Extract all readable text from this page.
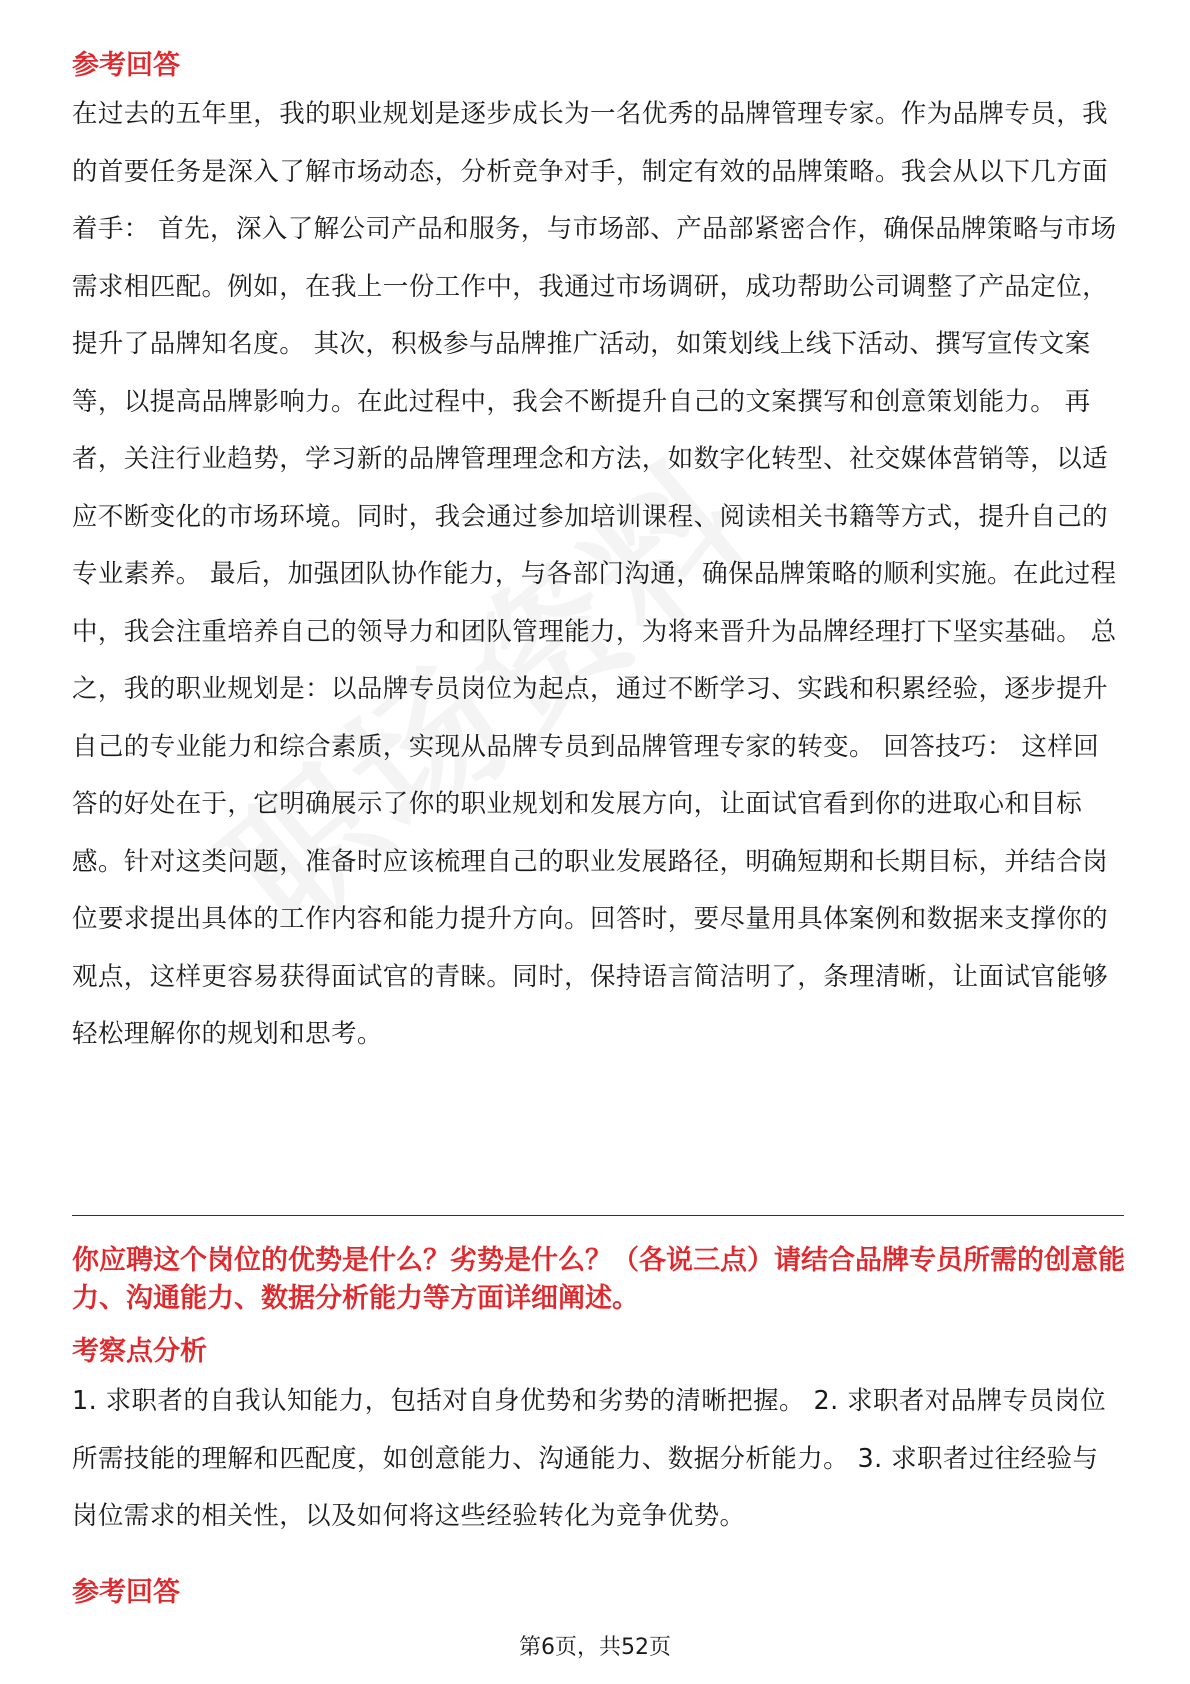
参考回答

在过去的五年里，我的职业规划是逐步成长为一名优秀的品牌管理专家。作为品牌专员，我的首要任务是深入了解市场动态，分析竞争对手，制定有效的品牌策略。我会从以下几方面着手： 首先，深入了解公司产品和服务，与市场部、产品部紧密合作，确保品牌策略与市场需求相匹配。例如，在我上一份工作中，我通过市场调研，成功帮助公司调整了产品定位，提升了品牌知名度。 其次，积极参与品牌推广活动，如策划线上线下活动、撰写宣传文案等，以提高品牌影响力。在此过程中，我会不断提升自己的文案撰写和创意策划能力。 再者，关注行业趋势，学习新的品牌管理理念和方法，如数字化转型、社交媒体营销等，以适应不断变化的市场环境。同时，我会通过参加培训课程、阅读相关书籍等方式，提升自己的专业素养。 最后，加强团队协作能力，与各部门沟通，确保品牌策略的顺利实施。在此过程中，我会注重培养自己的领导力和团队管理能力，为将来晋升为品牌经理打下坚实基础。 总之，我的职业规划是：以品牌专员岗位为起点，通过不断学习、实践和积累经验，逐步提升自己的专业能力和综合素质，实现从品牌专员到品牌管理专家的转变。 回答技巧： 这样回答的好处在于，它明确展示了你的职业规划和发展方向，让面试官看到你的进取心和目标感。针对这类问题，准备时应该梳理自己的职业发展路径，明确短期和长期目标，并结合岗位要求提出具体的工作内容和能力提升方向。回答时，要尽量用具体案例和数据来支撑你的观点，这样更容易获得面试官的青睐。同时，保持语言简洁明了，条理清晰，让面试官能够轻松理解你的规划和思考。

你应聘这个岗位的优势是什么？劣势是什么？（各说三点）请结合品牌专员所需的创意能力、沟通能力、数据分析能力等方面详细阐述。

考察点分析

1. 求职者的自我认知能力，包括对自身优势和劣势的清晰把握。 2. 求职者对品牌专员岗位所需技能的理解和匹配度，如创意能力、沟通能力、数据分析能力。 3. 求职者过往经验与岗位需求的相关性，以及如何将这些经验转化为竞争优势。

参考回答
第6页，共52页
